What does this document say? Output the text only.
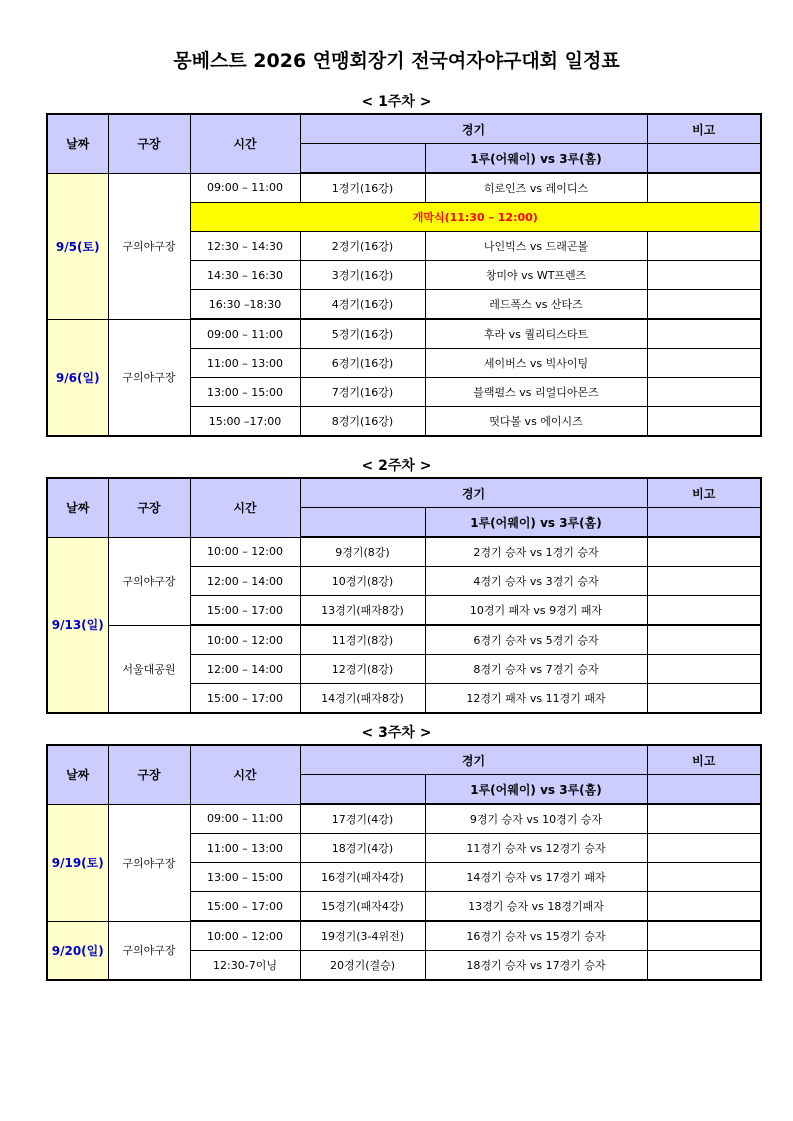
몽베스트 2026 연맹회장기 전국여자야구대회 일정표
< 1주차 >
날짜	구장	시간	경기		비고
				1루(어웨이) vs 3루(홈)	
9/5(토)	구의야구장	09:00 – 11:00	1경기(16강)	히로인즈 vs 레이디스	
		개막식(11:30 – 12:00)			
		12:30 – 14:30	2경기(16강)	나인빅스 vs 드래곤볼	
		14:30 – 16:30	3경기(16강)	창미야 vs WT프렌즈	
		16:30 –18:30	4경기(16강)	레드폭스 vs 산타즈	
9/6(일)	구의야구장	09:00 – 11:00	5경기(16강)	후라 vs 퀄리티스타트	
		11:00 – 13:00	6경기(16강)	세이버스 vs 빅사이팅	
		13:00 – 15:00	7경기(16강)	블랙펄스 vs 리얼디아몬즈	
		15:00 –17:00	8경기(16강)	떳다볼 vs 에이시즈	
< 2주차 >
날짜	구장	시간	경기		비고
				1루(어웨이) vs 3루(홈)	
9/13(일)	구의야구장	10:00 – 12:00	9경기(8강)	2경기 승자 vs 1경기 승자	
		12:00 – 14:00	10경기(8강)	4경기 승자 vs 3경기 승자	
		15:00 – 17:00	13경기(패자8강)	10경기 패자 vs 9경기 패자	
	서울대공원	10:00 – 12:00	11경기(8강)	6경기 승자 vs 5경기 승자	
		12:00 – 14:00	12경기(8강)	8경기 승자 vs 7경기 승자	
		15:00 – 17:00	14경기(패자8강)	12경기 패자 vs 11경기 패자	
< 3주차 >
날짜	구장	시간	경기		비고
				1루(어웨이) vs 3루(홈)	
9/19(토)	구의야구장	09:00 – 11:00	17경기(4강)	9경기 승자 vs 10경기 승자	
		11:00 – 13:00	18경기(4강)	11경기 승자 vs 12경기 승자	
		13:00 – 15:00	16경기(패자4강)	14경기 승자 vs 17경기 패자	
		15:00 – 17:00	15경기(패자4강)	13경기 승자 vs 18경기패자	
9/20(일)	구의야구장	10:00 – 12:00	19경기(3-4위전)	16경기 승자 vs 15경기 승자	
		12:30-7이닝	20경기(결승)	18경기 승자 vs 17경기 승자	
